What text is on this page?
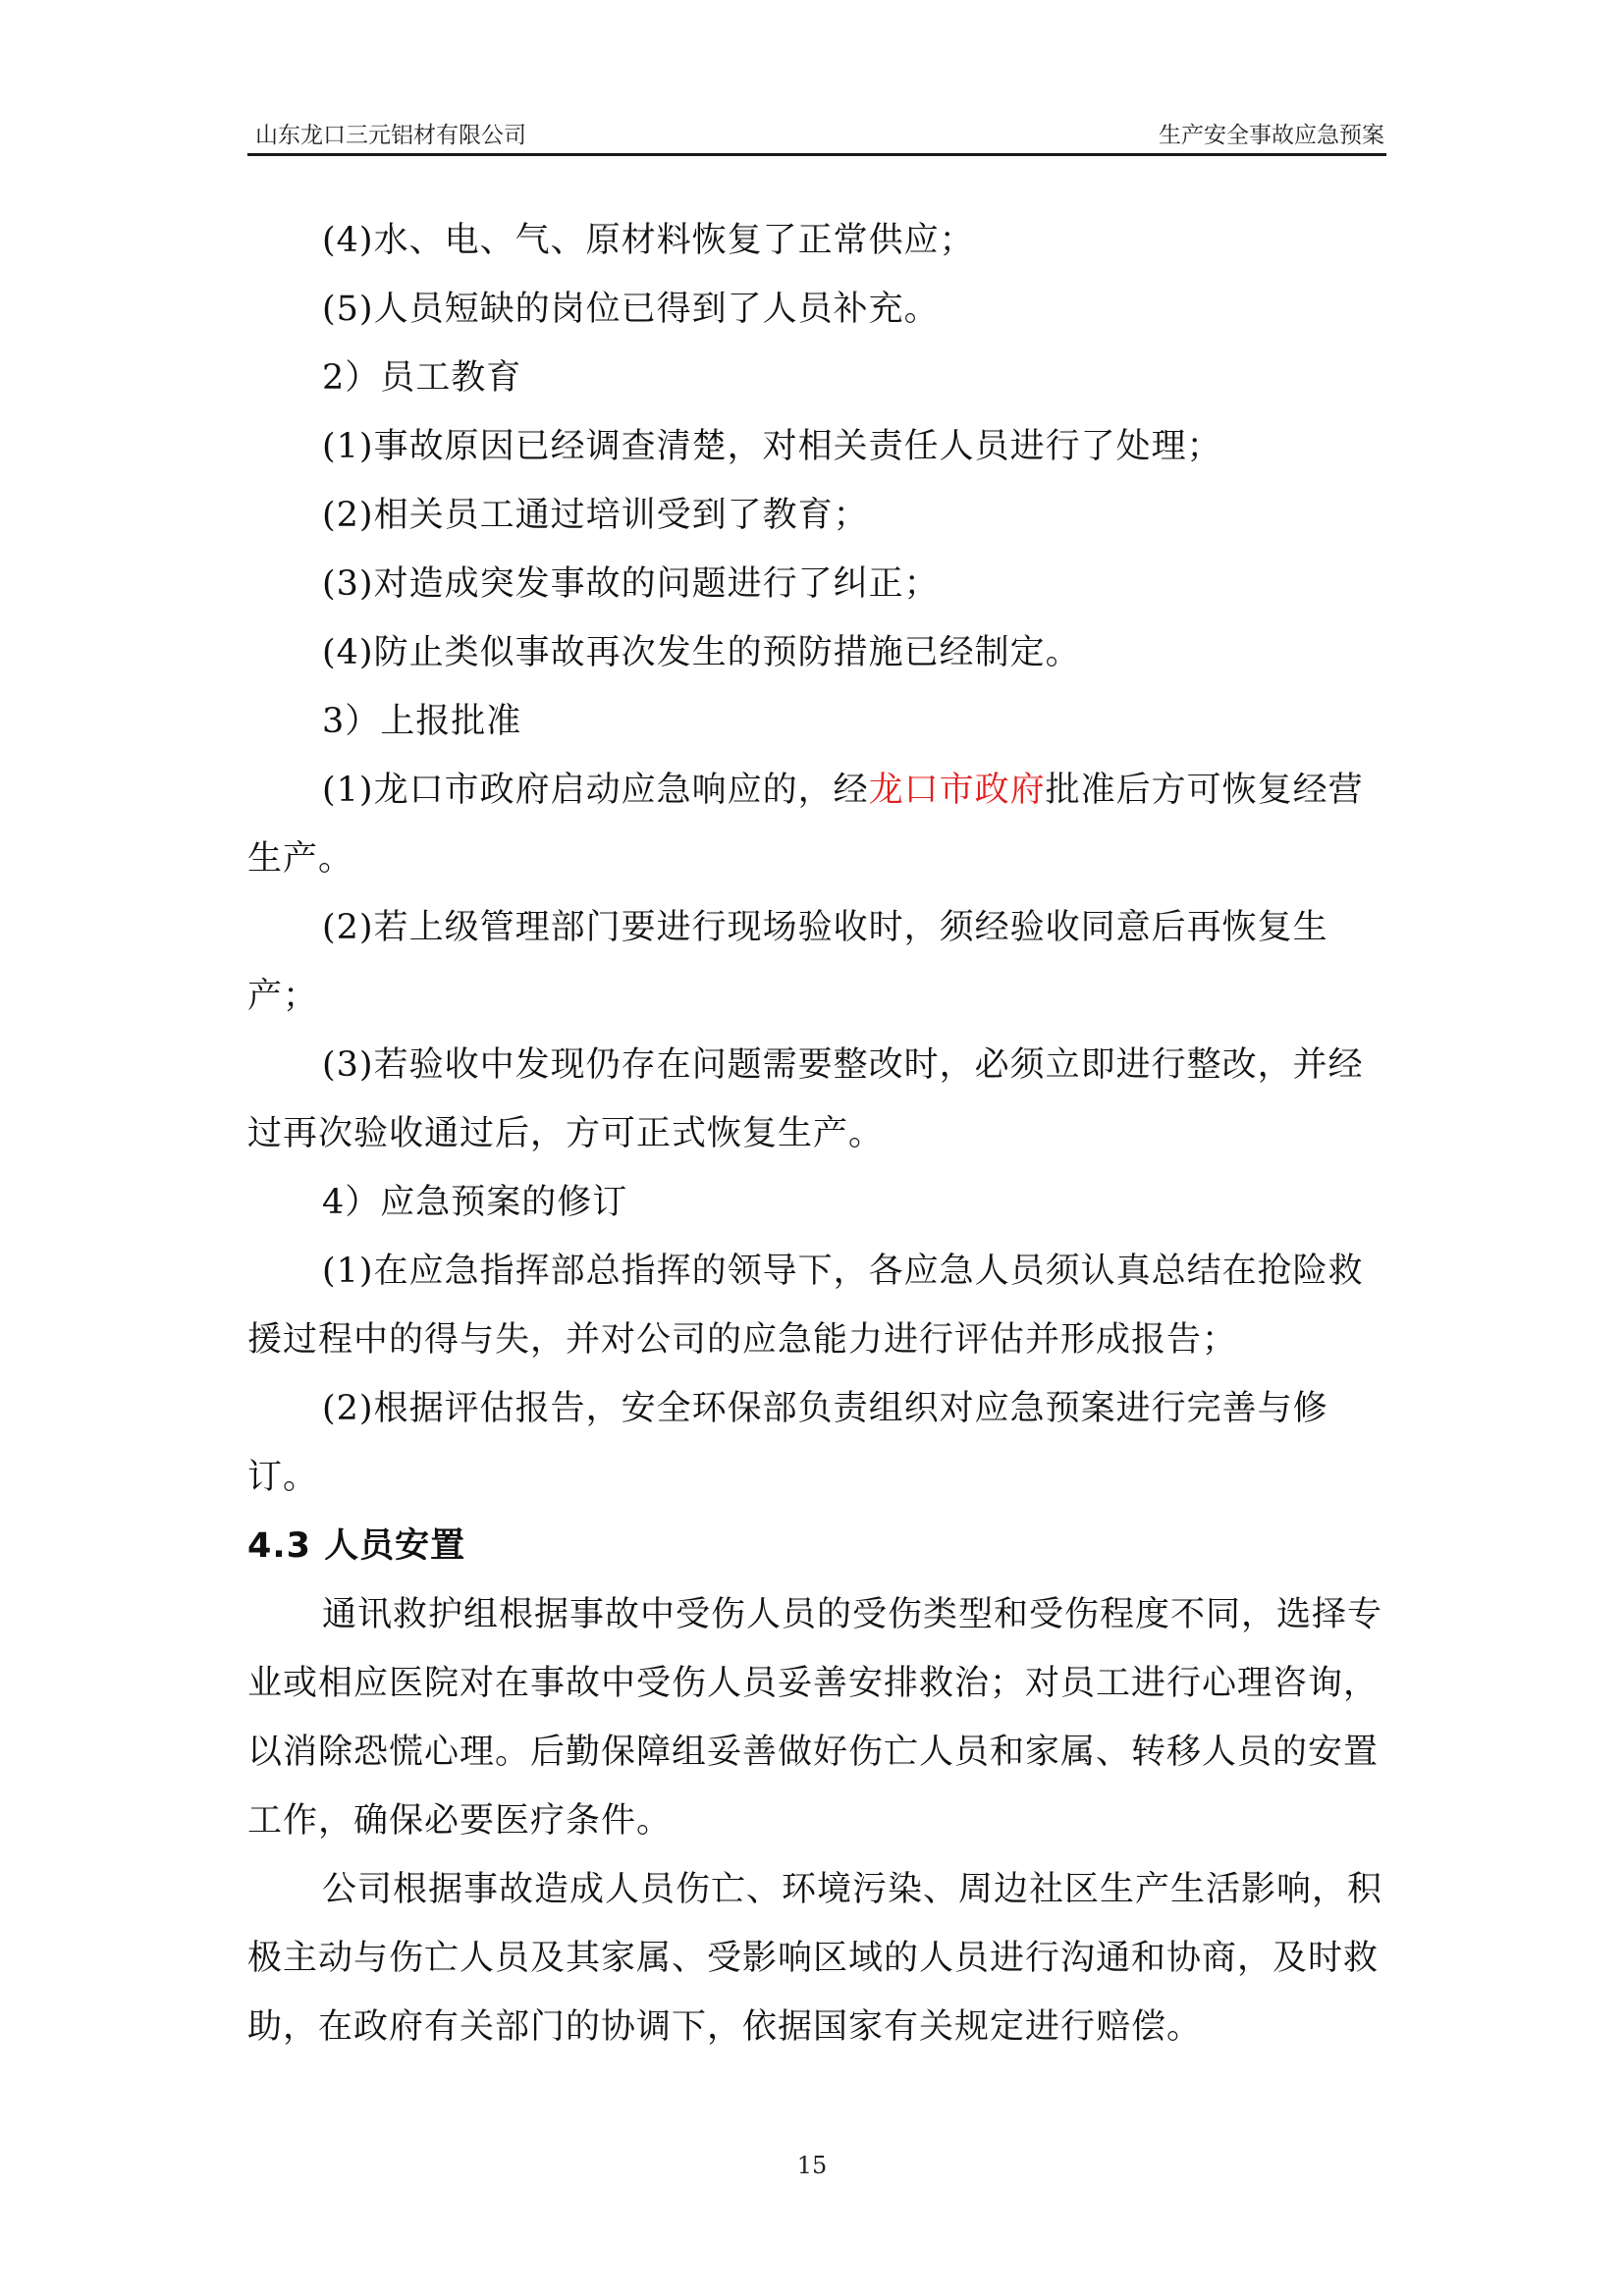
山东龙口三元铝材有限公司	生产安全事故应急预案

(4)水、电、气、原材料恢复了正常供应；

(5)人员短缺的岗位已得到了人员补充。

2）员工教育

(1)事故原因已经调查清楚，对相关责任人员进行了处理；

(2)相关员工通过培训受到了教育；

(3)对造成突发事故的问题进行了纠正；

(4)防止类似事故再次发生的预防措施已经制定。

3）上报批准

(1)龙口市政府启动应急响应的，经龙口市政府批准后方可恢复经营生产。

(2)若上级管理部门要进行现场验收时，须经验收同意后再恢复生产；

(3)若验收中发现仍存在问题需要整改时，必须立即进行整改，并经过再次验收通过后，方可正式恢复生产。

4）应急预案的修订

(1)在应急指挥部总指挥的领导下，各应急人员须认真总结在抢险救援过程中的得与失，并对公司的应急能力进行评估并形成报告；

(2)根据评估报告，安全环保部负责组织对应急预案进行完善与修订。

4.3 人员安置

通讯救护组根据事故中受伤人员的受伤类型和受伤程度不同，选择专业或相应医院对在事故中受伤人员妥善安排救治；对员工进行心理咨询，以消除恐慌心理。后勤保障组妥善做好伤亡人员和家属、转移人员的安置工作，确保必要医疗条件。

公司根据事故造成人员伤亡、环境污染、周边社区生产生活影响，积极主动与伤亡人员及其家属、受影响区域的人员进行沟通和协商，及时救助，在政府有关部门的协调下，依据国家有关规定进行赔偿。

15
